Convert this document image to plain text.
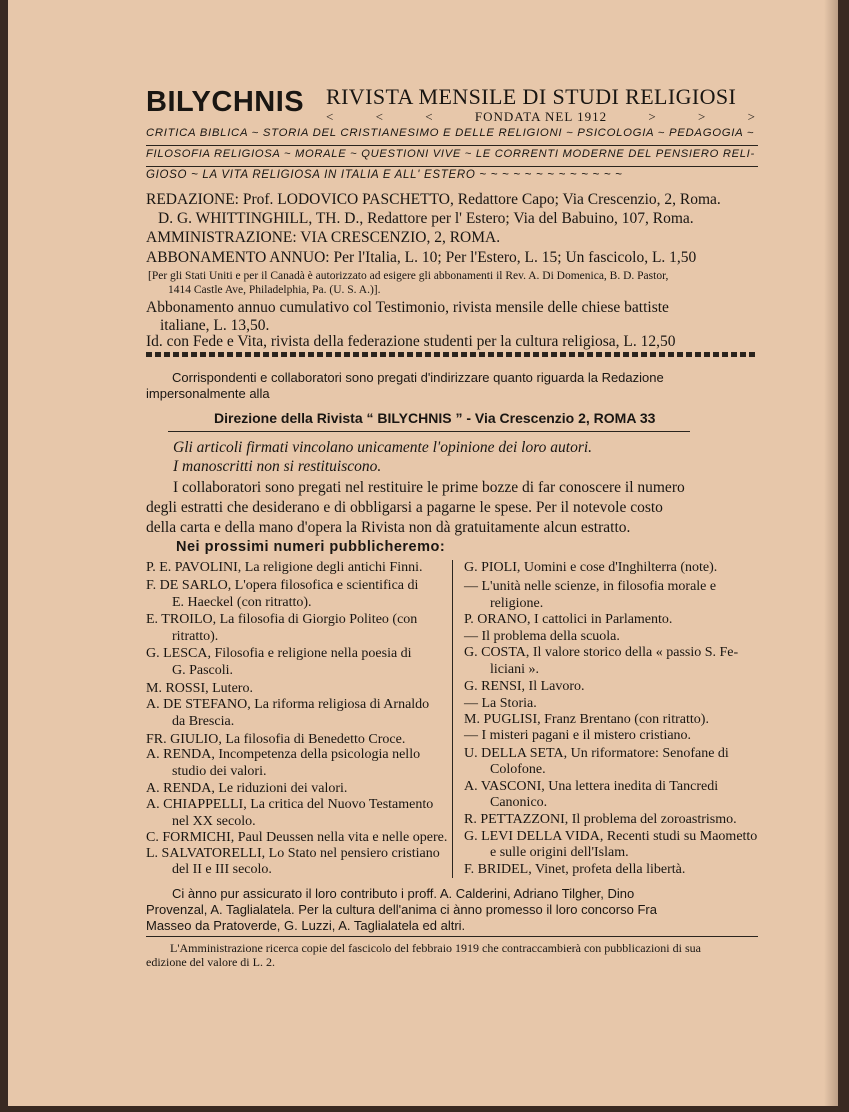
BILYCHNIS RIVISTA MENSILE DI STUDI RELIGIOSI
<	<	<	FONDATA NEL 1912	>	>	>
CRITICA BIBLICA ~ STORIA DEL CRISTIANESIMO E DELLE RELIGIONI ~ PSICOLOGIA ~ PEDAGOGIA ~
FILOSOFIA RELIGIOSA ~ MORALE ~ QUESTIONI VIVE ~ LE CORRENTI MODERNE DEL PENSIERO RELI-
GIOSO ~ LA VITA RELIGIOSA IN ITALIA E ALL' ESTERO ~ ~ ~ ~ ~ ~ ~ ~ ~ ~ ~ ~ ~
REDAZIONE: Prof. LODOVICO PASCHETTO, Redattore Capo; Via Crescenzio, 2, Roma.
D. G. WHITTINGHILL, TH. D., Redattore per l' Estero; Via del Babuino, 107, Roma.
AMMINISTRAZIONE: VIA CRESCENZIO, 2, ROMA.
ABBONAMENTO ANNUO: Per l'Italia, L. 10; Per l'Estero, L. 15; Un fascicolo, L. 1,50
[Per gli Stati Uniti e per il Canadà è autorizzato ad esigere gli abbonamenti il Rev. A. Di Domenica, B. D. Pastor,
1414 Castle Ave, Philadelphia, Pa. (U. S. A.)].
Abbonamento annuo cumulativo col Testimonio, rivista mensile delle chiese battiste
italiane, L. 13,50.
Id. con Fede e Vita, rivista della federazione studenti per la cultura religiosa, L. 12,50
Corrispondenti e collaboratori sono pregati d'indirizzare quanto riguarda la Redazione
impersonalmente alla
Direzione della Rivista “ BILYCHNIS ” - Via Crescenzio 2, ROMA 33
Gli articoli firmati vincolano unicamente l'opinione dei loro autori.
I manoscritti non si restituiscono.
I collaboratori sono pregati nel restituire le prime bozze di far conoscere il numero
degli estratti che desiderano e di obbligarsi a pagarne le spese. Per il notevole costo
della carta e della mano d'opera la Rivista non dà gratuitamente alcun estratto.
Nei prossimi numeri pubblicheremo:
Ci ànno pur assicurato il loro contributo i proff. A. Calderini, Adriano Tilgher, Dino
Provenzal, A. Taglialatela. Per la cultura dell'anima ci ànno promesso il loro concorso Fra
Masseo da Pratoverde, G. Luzzi, A. Taglialatela ed altri.
L'Amministrazione ricerca copie del fascicolo del febbraio 1919 che contraccambierà con pubblicazioni di sua
edizione del valore di L. 2.
P. E. PAVOLINI, La religione degli antichi Finni.
F. DE SARLO, L'opera filosofica e scientifica di
E. Haeckel (con ritratto).
E. TROILO, La filosofia di Giorgio Politeo (con
ritratto).
G. LESCA, Filosofia e religione nella poesia di
G. Pascoli.
M. ROSSI, Lutero.
A. DE STEFANO, La riforma religiosa di Arnaldo
da Brescia.
FR. GIULIO, La filosofia di Benedetto Croce.
A. RENDA, Incompetenza della psicologia nello
studio dei valori.
A. RENDA, Le riduzioni dei valori.
A. CHIAPPELLI, La critica del Nuovo Testamento
nel XX secolo.
C. FORMICHI, Paul Deussen nella vita e nelle opere.
L. SALVATORELLI, Lo Stato nel pensiero cristiano
del II e III secolo.
G. PIOLI, Uomini e cose d'Inghilterra (note).
— L'unità nelle scienze, in filosofia morale e
religione.
P. ORANO, I cattolici in Parlamento.
— Il problema della scuola.
G. COSTA, Il valore storico della « passio S. Fe-
liciani ».
G. RENSI, Il Lavoro.
— La Storia.
M. PUGLISI, Franz Brentano (con ritratto).
— I misteri pagani e il mistero cristiano.
U. DELLA SETA, Un riformatore: Senofane di
Colofone.
A. VASCONI, Una lettera inedita di Tancredi
Canonico.
R. PETTAZZONI, Il problema del zoroastrismo.
G. LEVI DELLA VIDA, Recenti studi su Maometto
e sulle origini dell'Islam.
F. BRIDEL, Vinet, profeta della libertà.
